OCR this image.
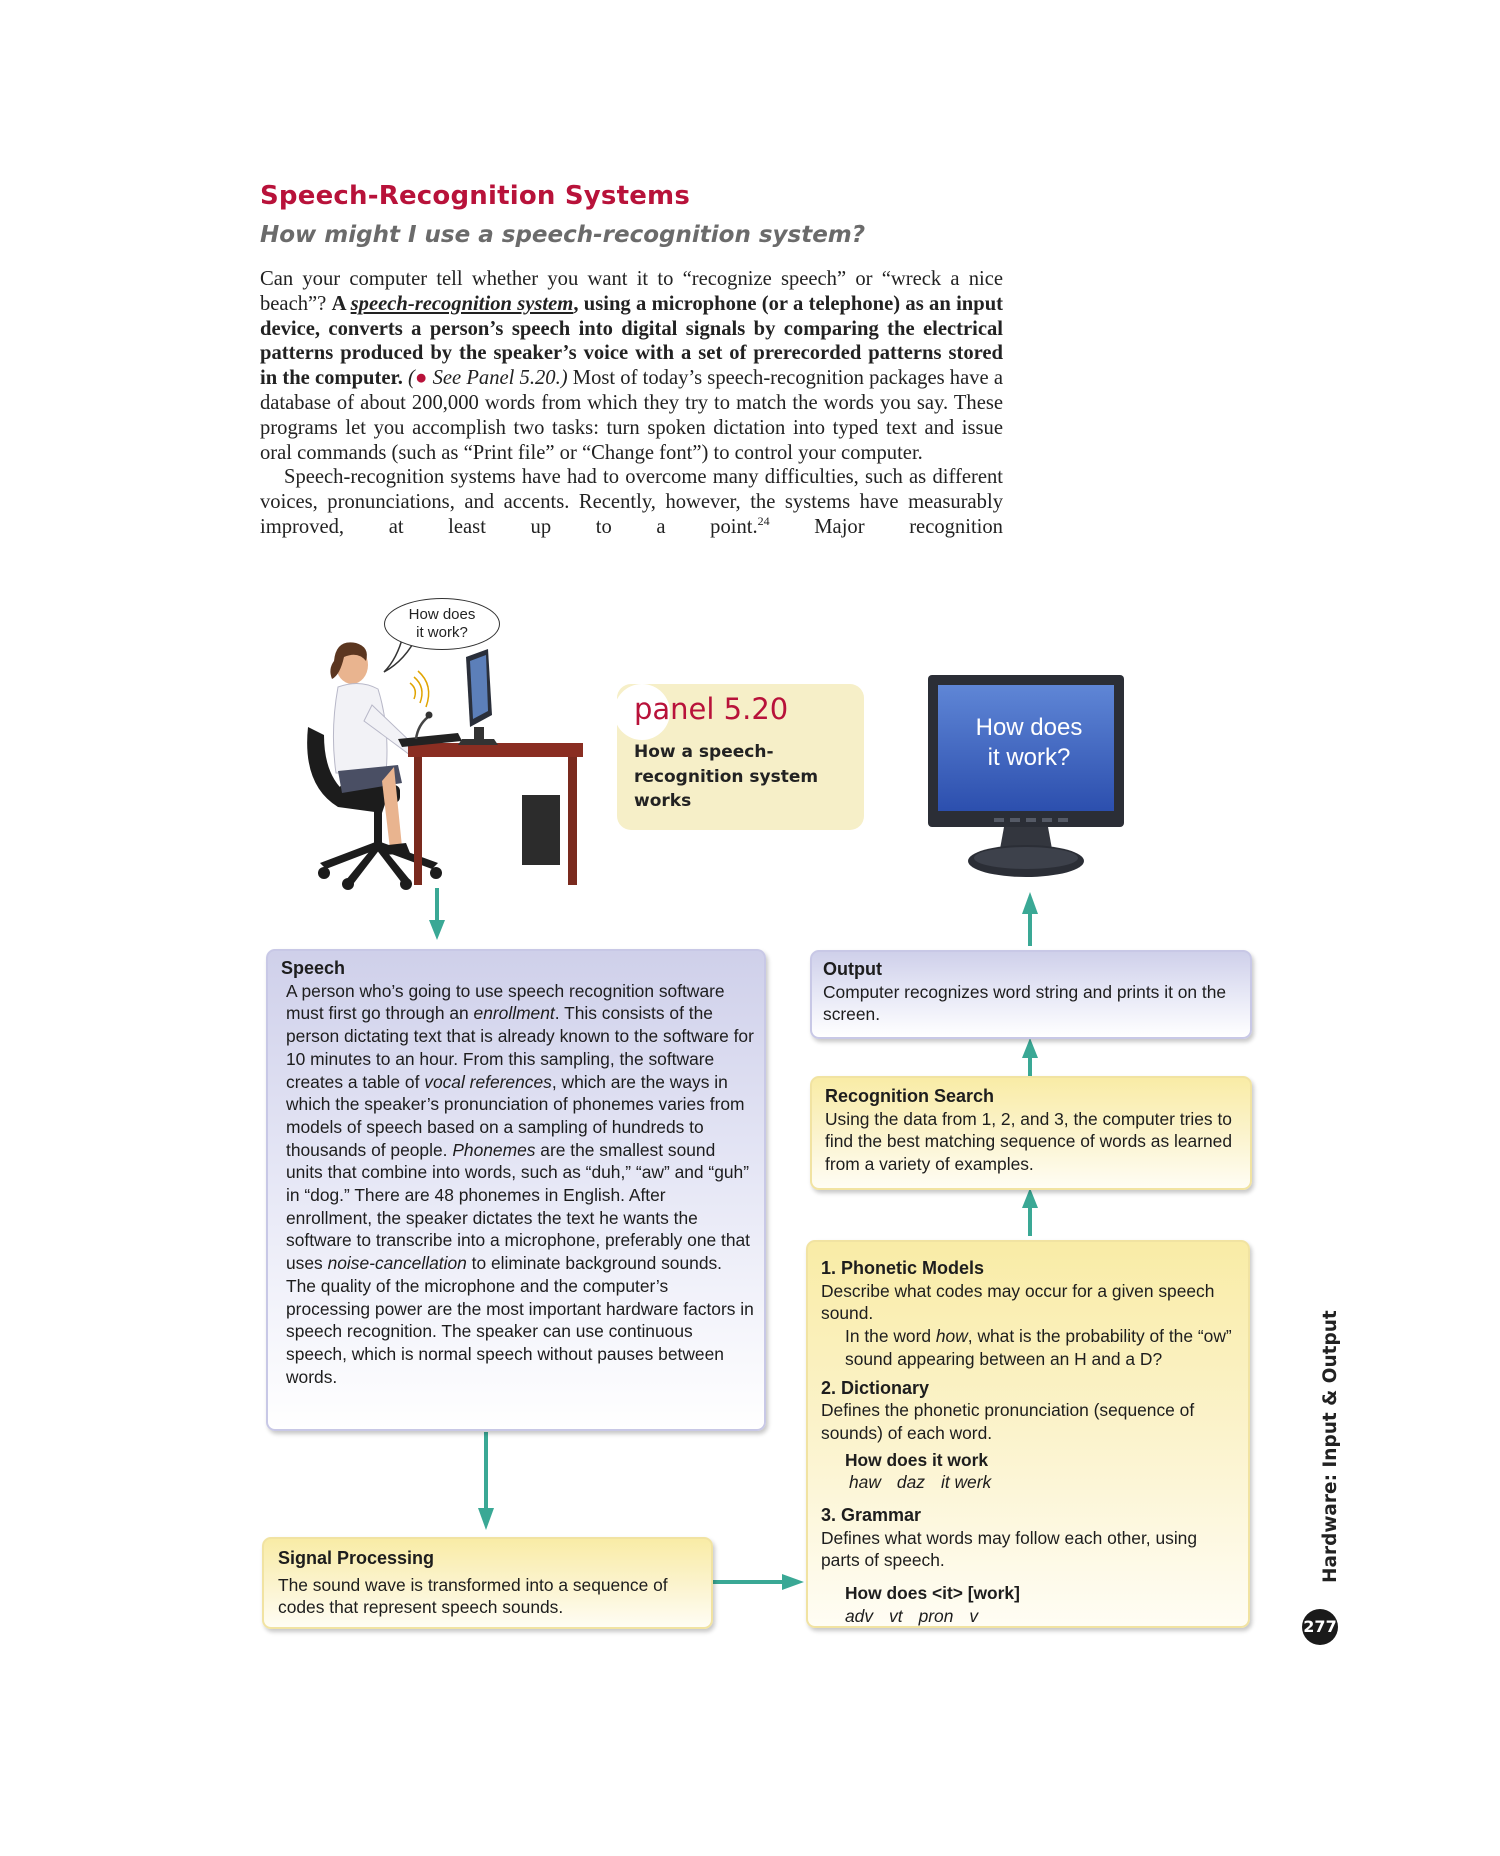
Speech-Recognition Systems
How might I use a speech-recognition system?

Can your computer tell whether you want it to “recognize speech” or “wreck a nice beach”? A speech-recognition system, using a microphone (or a telephone) as an input device, converts a person’s speech into digital signals by comparing the electrical patterns produced by the speaker’s voice with a set of prerecorded patterns stored in the computer. (● See Panel 5.20.) Most of today’s speech-recognition packages have a database of about 200,000 words from which they try to match the words you say. These programs let you accomplish two tasks: turn spoken dictation into typed text and issue oral commands (such as “Print file” or “Change font”) to control your computer.

Speech-recognition systems have had to overcome many difficulties, such as different voices, pronunciations, and accents. Recently, however, the systems have measurably improved, at least up to a point.$^{24}$ Major recognition

How does
it work?
How does
it work?
panel 5.20
How a speech-recognition system works
Speech

A person who’s going to use speech recognition software must first go through an enrollment. This consists of the person dictating text that is already known to the software for 10 minutes to an hour. From this sampling, the software creates a table of vocal references, which are the ways in which the speaker’s pronunciation of phonemes varies from models of speech based on a sampling of hundreds to thousands of people. Phonemes are the smallest sound units that combine into words, such as “duh,” “aw” and “guh” in “dog.” There are 48 phonemes in English. After enrollment, the speaker dictates the text he wants the software to transcribe into a microphone, preferably one that uses noise-cancellation to eliminate background sounds. The quality of the microphone and the computer’s processing power are the most important hardware factors in speech recognition. The speaker can use continuous speech, which is normal speech without pauses between words.

Output

Computer recognizes word string and prints it on the screen.

Recognition Search

Using the data from 1, 2, and 3, the computer tries to find the best matching sequence of words as learned from a variety of examples.

Signal Processing

The sound wave is transformed into a sequence of codes that represent speech sounds.

1. Phonetic Models

Describe what codes may occur for a given speech sound.

In the word how, what is the probability of the “ow” sound appearing between an H and a D?

2. Dictionary

Defines the phonetic pronunciation (sequence of sounds) of each word.

How does it work

haw daz it werk

3. Grammar

Defines what words may follow each other, using parts of speech.

How does <it> [work]

adv vt pron v

Hardware: Input & Output
277
